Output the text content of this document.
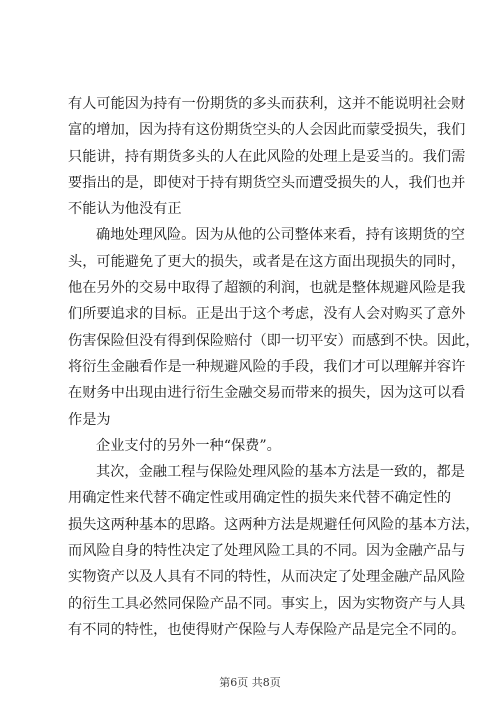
有人可能因为持有一份期货的多头而获利，这并不能说明社会财
富的增加，因为持有这份期货空头的人会因此而蒙受损失，我们
只能讲，持有期货多头的人在此风险的处理上是妥当的。我们需
要指出的是，即使对于持有期货空头而遭受损失的人，我们也并
不能认为他没有正
确地处理风险。因为从他的公司整体来看，持有该期货的空
头，可能避免了更大的损失，或者是在这方面出现损失的同时，
他在另外的交易中取得了超额的利润，也就是整体规避风险是我
们所要追求的目标。正是出于这个考虑，没有人会对购买了意外
伤害保险但没有得到保险赔付（即一切平安）而感到不快。因此，
将衍生金融看作是一种规避风险的手段，我们才可以理解并容许
在财务中出现由进行衍生金融交易而带来的损失，因为这可以看
作是为
企业支付的另外一种“保费”。
其次，金融工程与保险处理风险的基本方法是一致的，都是
用确定性来代替不确定性或用确定性的损失来代替不确定性的
损失这两种基本的思路。这两种方法是规避任何风险的基本方法，
而风险自身的特性决定了处理风险工具的不同。因为金融产品与
实物资产以及人具有不同的特性，从而决定了处理金融产品风险
的衍生工具必然同保险产品不同。事实上，因为实物资产与人具
有不同的特性，也使得财产保险与人寿保险产品是完全不同的。
第6页 共8页
